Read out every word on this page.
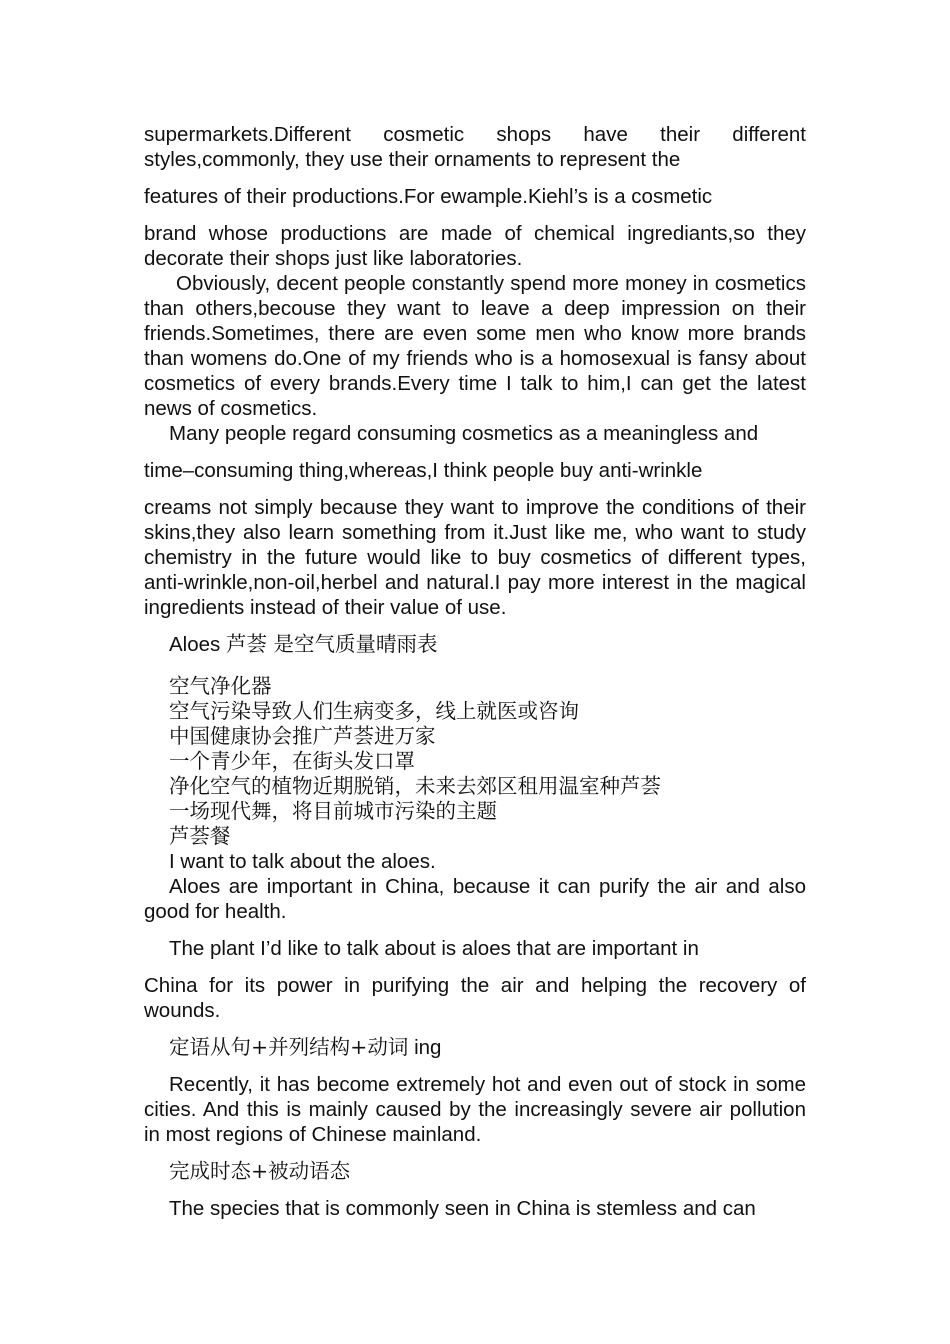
supermarkets.Different cosmetic shops have their different styles,commonly, they use their ornaments to represent the

features of their productions.For ewample.Kiehl’s is a cosmetic

brand whose productions are made of chemical ingrediants,so they decorate their shops just like laboratories.

Obviously, decent people constantly spend more money in cosmetics than others,becouse they want to leave a deep impression on their friends.Sometimes, there are even some men who know more brands than womens do.One of my friends who is a homosexual is fansy about cosmetics of every brands.Every time I talk to him,I can get the latest news of cosmetics.

Many people regard consuming cosmetics as a meaningless and

time–consuming thing,whereas,I think people buy anti-wrinkle

creams not simply because they want to improve the conditions of their skins,they also learn something from it.Just like me, who want to study chemistry in the future would like to buy cosmetics of different types, anti-wrinkle,non-oil,herbel and natural.I pay more interest in the magical ingredients instead of their value of use.

Aloes 芦荟 是空气质量晴雨表

空气净化器

空气污染导致人们生病变多，线上就医或咨询

中国健康协会推广芦荟进万家

一个青少年，在街头发口罩

净化空气的植物近期脱销，未来去郊区租用温室种芦荟

一场现代舞，将目前城市污染的主题

芦荟餐

I want to talk about the aloes.

Aloes are important in China, because it can purify the air and also good for health.

The plant I’d like to talk about is aloes that are important in

China for its power in purifying the air and helping the recovery of wounds.

定语从句+并列结构+动词 ing

Recently, it has become extremely hot and even out of stock in some cities. And this is mainly caused by the increasingly severe air pollution in most regions of Chinese mainland.

完成时态+被动语态

The species that is commonly seen in China is stemless and can
